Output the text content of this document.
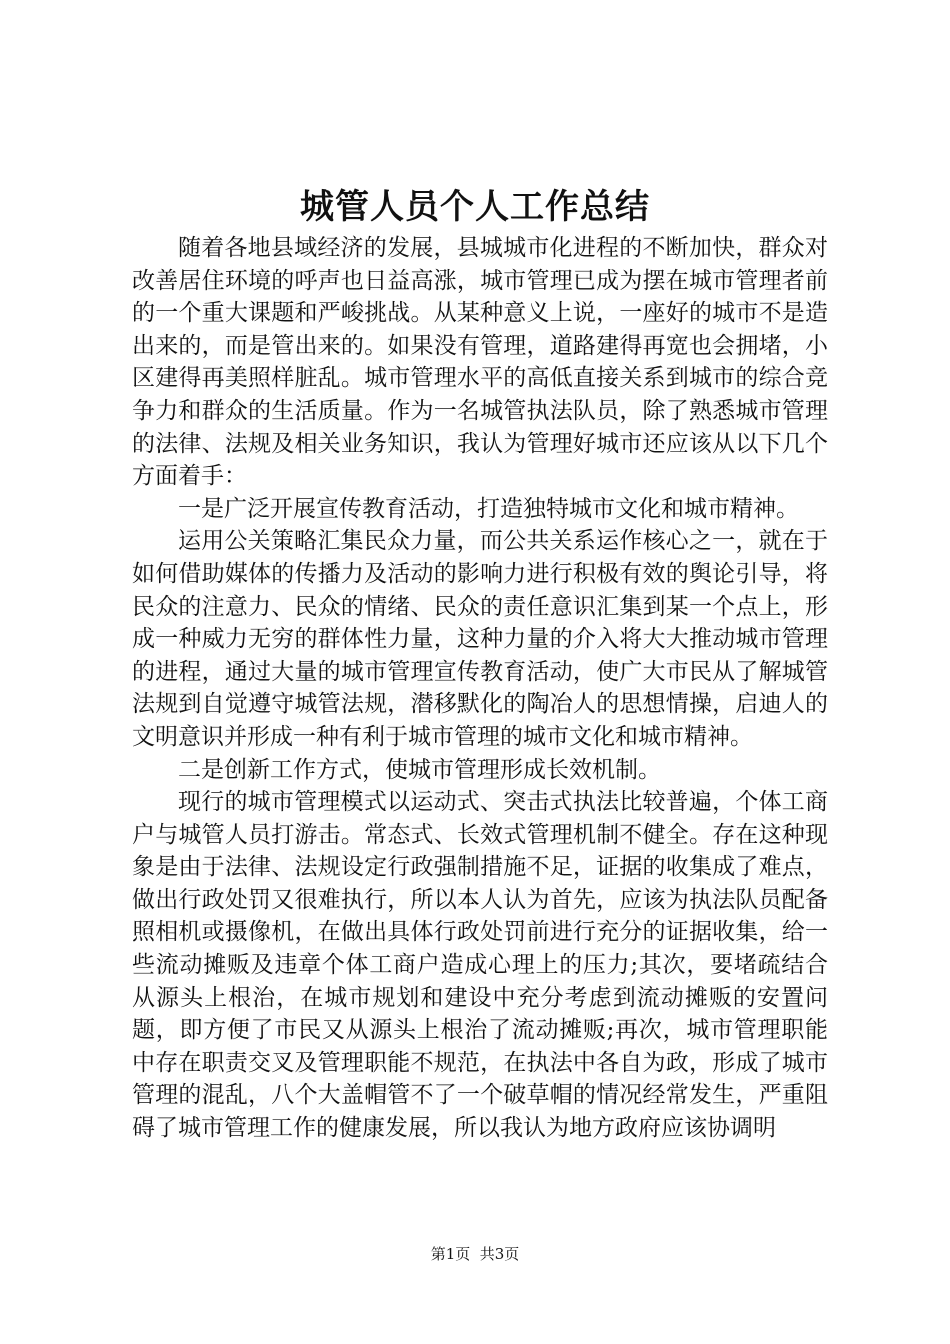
城管人员个人工作总结

随着各地县域经济的发展，县城城市化进程的不断加快，群众对改善居住环境的呼声也日益高涨，城市管理已成为摆在城市管理者前的一个重大课题和严峻挑战。从某种意义上说，一座好的城市不是造出来的，而是管出来的。如果没有管理，道路建得再宽也会拥堵，小区建得再美照样脏乱。城市管理水平的高低直接关系到城市的综合竞争力和群众的生活质量。作为一名城管执法队员，除了熟悉城市管理的法律、法规及相关业务知识，我认为管理好城市还应该从以下几个方面着手：

一是广泛开展宣传教育活动，打造独特城市文化和城市精神。

运用公关策略汇集民众力量，而公共关系运作核心之一，就在于如何借助媒体的传播力及活动的影响力进行积极有效的舆论引导，将民众的注意力、民众的情绪、民众的责任意识汇集到某一个点上，形成一种威力无穷的群体性力量，这种力量的介入将大大推动城市管理的进程，通过大量的城市管理宣传教育活动，使广大市民从了解城管法规到自觉遵守城管法规，潜移默化的陶冶人的思想情操，启迪人的文明意识并形成一种有利于城市管理的城市文化和城市精神。

二是创新工作方式，使城市管理形成长效机制。

现行的城市管理模式以运动式、突击式执法比较普遍，个体工商户与城管人员打游击。常态式、长效式管理机制不健全。存在这种现象是由于法律、法规设定行政强制措施不足，证据的收集成了难点，做出行政处罚又很难执行，所以本人认为首先，应该为执法队员配备照相机或摄像机，在做出具体行政处罚前进行充分的证据收集，给一些流动摊贩及违章个体工商户造成心理上的压力;其次，要堵疏结合从源头上根治，在城市规划和建设中充分考虑到流动摊贩的安置问题，即方便了市民又从源头上根治了流动摊贩;再次，城市管理职能中存在职责交叉及管理职能不规范，在执法中各自为政，形成了城市管理的混乱，八个大盖帽管不了一个破草帽的情况经常发生，严重阻碍了城市管理工作的健康发展，所以我认为地方政府应该协调明

第1页  共3页
